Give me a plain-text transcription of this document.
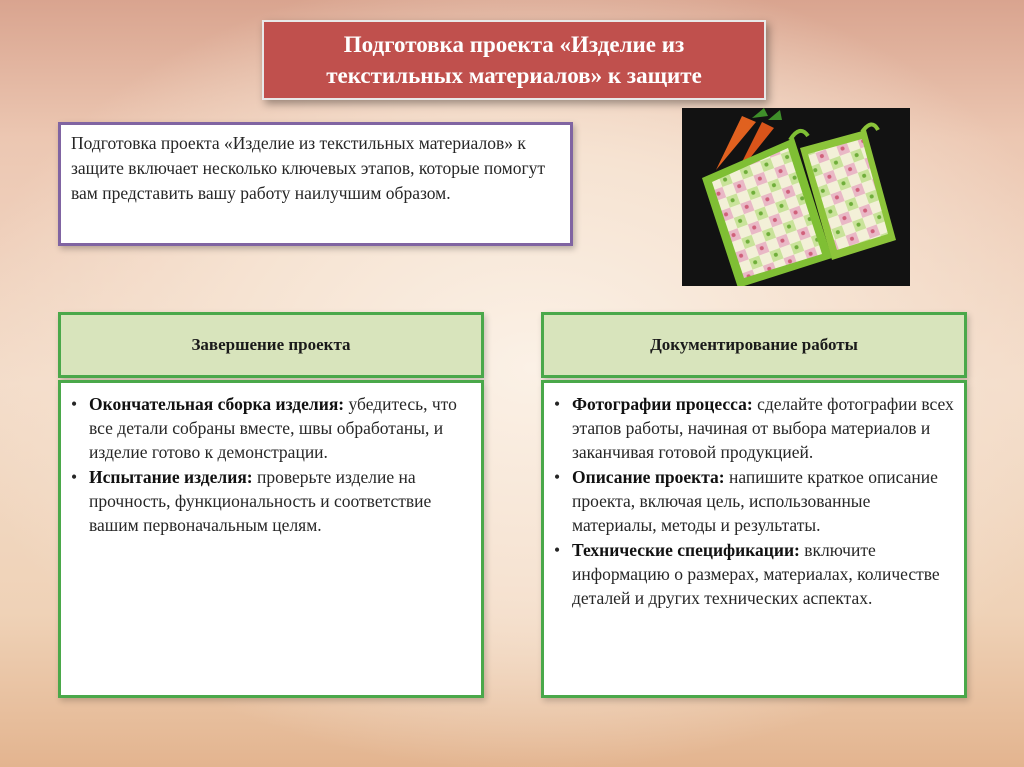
Подготовка проекта «Изделие из текстильных материалов» к защите

Подготовка проекта «Изделие из текстильных материалов» к защите включает несколько ключевых этапов, которые помогут вам представить вашу работу наилучшим образом.

Завершение проекта
• Окончательная сборка изделия: убедитесь, что все детали собраны вместе, швы обработаны, и изделие готово к демонстрации.
• Испытание изделия: проверьте изделие на прочность, функциональность и соответствие вашим первоначальным целям.
Документирование работы
• Фотографии процесса: сделайте фотографии всех этапов работы, начиная от выбора материалов и заканчивая готовой продукцией.
• Описание проекта: напишите краткое описание проекта, включая цель, использованные материалы, методы и результаты.
• Технические спецификации: включите информацию о размерах, материалах, количестве деталей и других технических аспектах.
